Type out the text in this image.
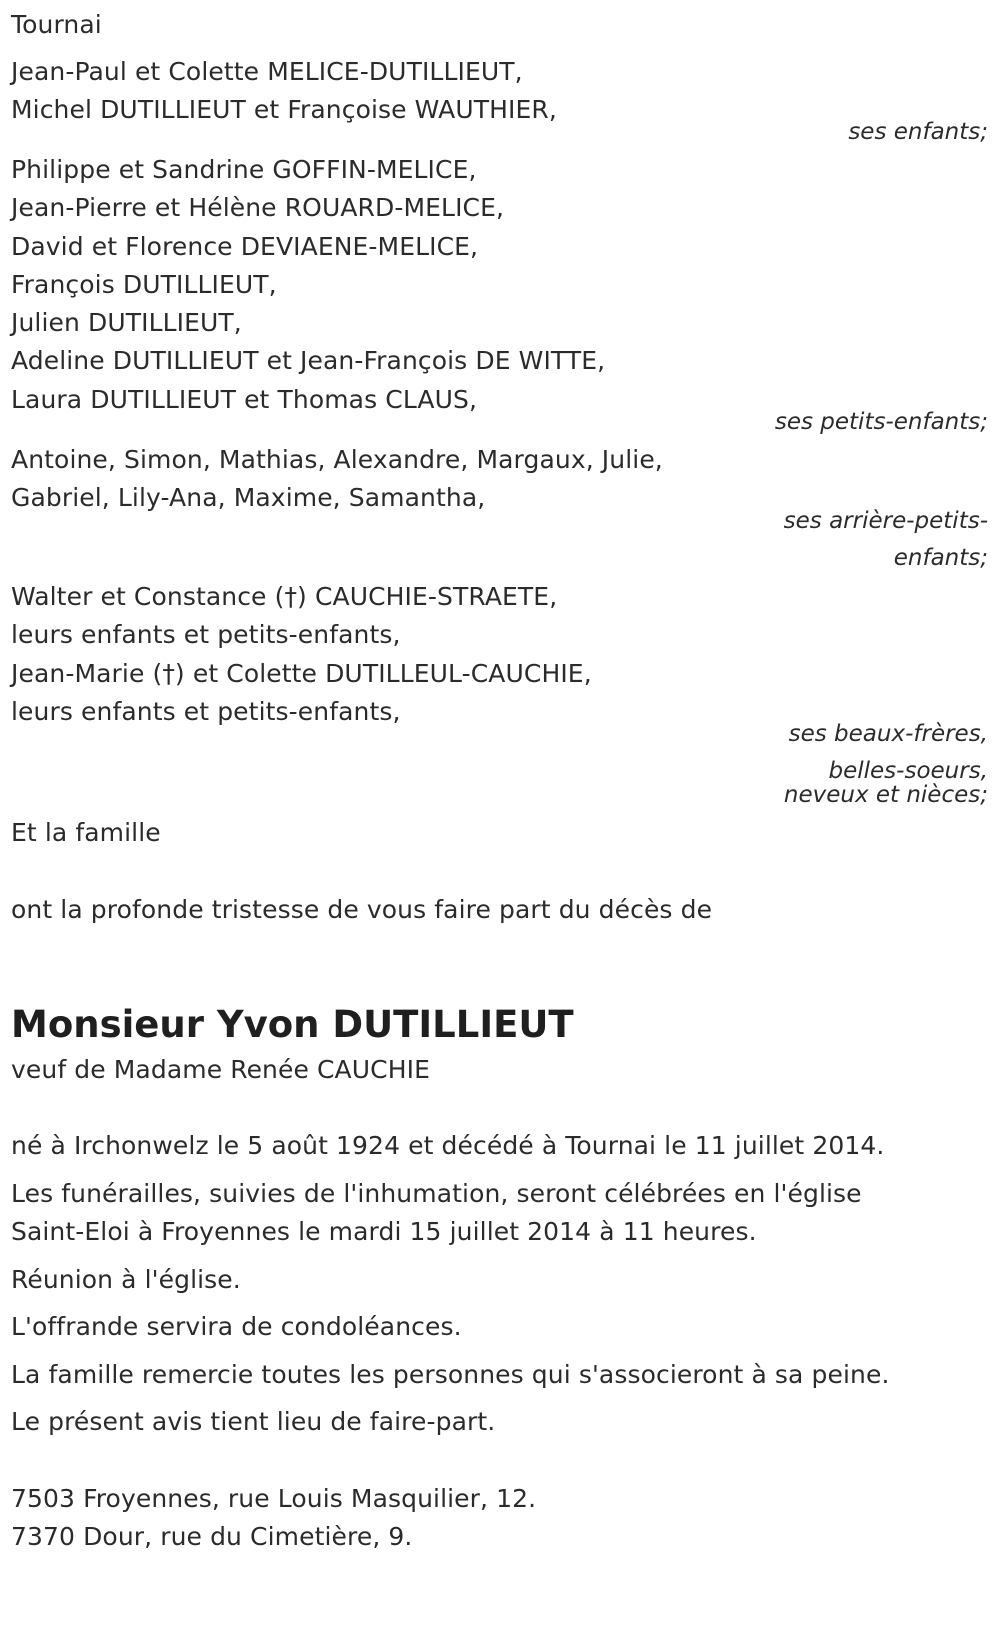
Tournai
Jean-Paul et Colette MELICE-DUTILLIEUT,
Michel DUTILLIEUT et Françoise WAUTHIER,
ses enfants;
Philippe et Sandrine GOFFIN-MELICE,
Jean-Pierre et Hélène ROUARD-MELICE,
David et Florence DEVIAENE-MELICE,
François DUTILLIEUT,
Julien DUTILLIEUT,
Adeline DUTILLIEUT et Jean-François DE WITTE,
Laura DUTILLIEUT et Thomas CLAUS,
ses petits-enfants;
Antoine, Simon, Mathias, Alexandre, Margaux, Julie,
Gabriel, Lily-Ana, Maxime, Samantha,
ses arrière-petits-
enfants;
Walter et Constance (†) CAUCHIE-STRAETE,
leurs enfants et petits-enfants,
Jean-Marie (†) et Colette DUTILLEUL-CAUCHIE,
leurs enfants et petits-enfants,
ses beaux-frères,
belles-soeurs,
neveux et nièces;
Et la famille
ont la profonde tristesse de vous faire part du décès de
Monsieur Yvon DUTILLIEUT
veuf de Madame Renée CAUCHIE
né à Irchonwelz le 5 août 1924 et décédé à Tournai le 11 juillet 2014.
Les funérailles, suivies de l'inhumation, seront célébrées en l'église
Saint-Eloi à Froyennes le mardi 15 juillet 2014 à 11 heures.
Réunion à l'église.
L'offrande servira de condoléances.
La famille remercie toutes les personnes qui s'associeront à sa peine.
Le présent avis tient lieu de faire-part.
7503 Froyennes, rue Louis Masquilier, 12.
7370 Dour, rue du Cimetière, 9.
